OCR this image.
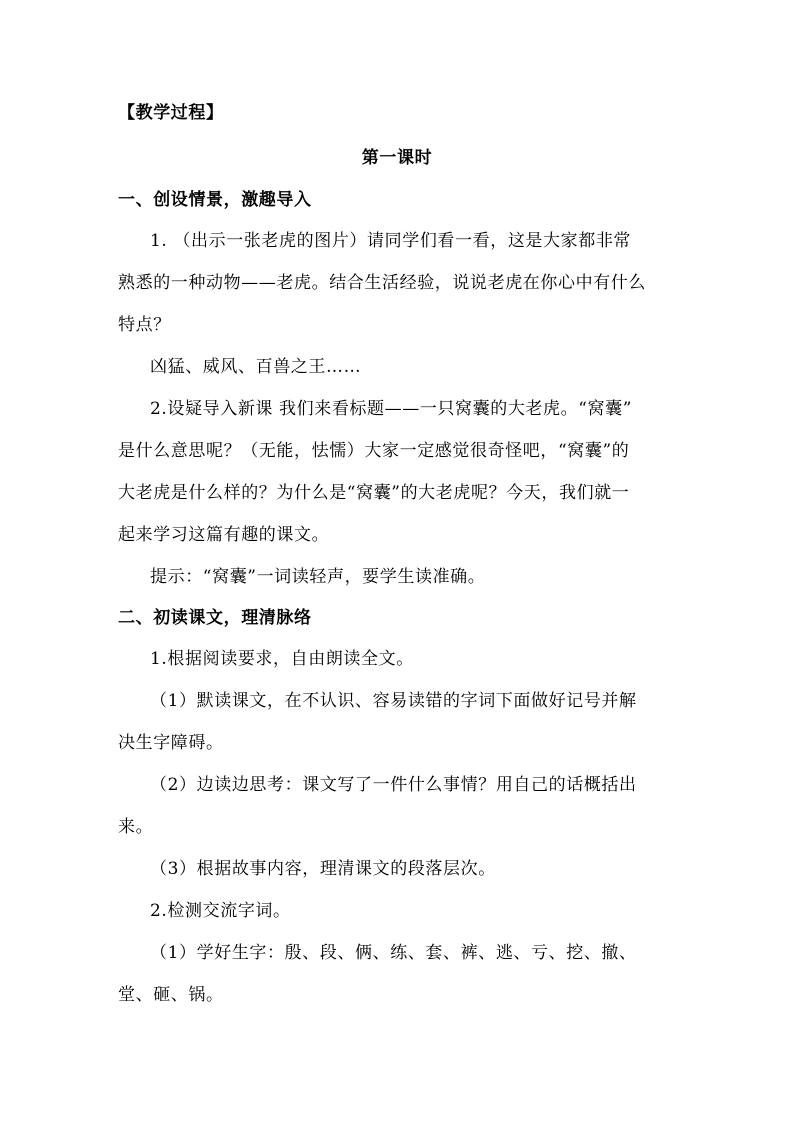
【教学过程】
第一课时
一、创设情景，激趣导入
1. （出示一张老虎的图片）请同学们看一看，这是大家都非常
熟悉的一种动物——老虎。结合生活经验，说说老虎在你心中有什么
特点？
凶猛、威风、百兽之王……
2.设疑导入新课 我们来看标题——一只窝囊的大老虎。“窝囊”
是什么意思呢？（无能，怯懦）大家一定感觉很奇怪吧，“窝囊”的
大老虎是什么样的？为什么是“窝囊”的大老虎呢？今天，我们就一
起来学习这篇有趣的课文。
提示：“窝囊”一词读轻声，要学生读准确。
二、初读课文，理清脉络
1.根据阅读要求，自由朗读全文。
（1）默读课文，在不认识、容易读错的字词下面做好记号并解
决生字障碍。
（2）边读边思考：课文写了一件什么事情？用自己的话概括出
来。
（3）根据故事内容，理清课文的段落层次。
2.检测交流字词。
（1）学好生字：殷、段、俩、练、套、裤、逃、亏、挖、撤、
堂、砸、锅。
